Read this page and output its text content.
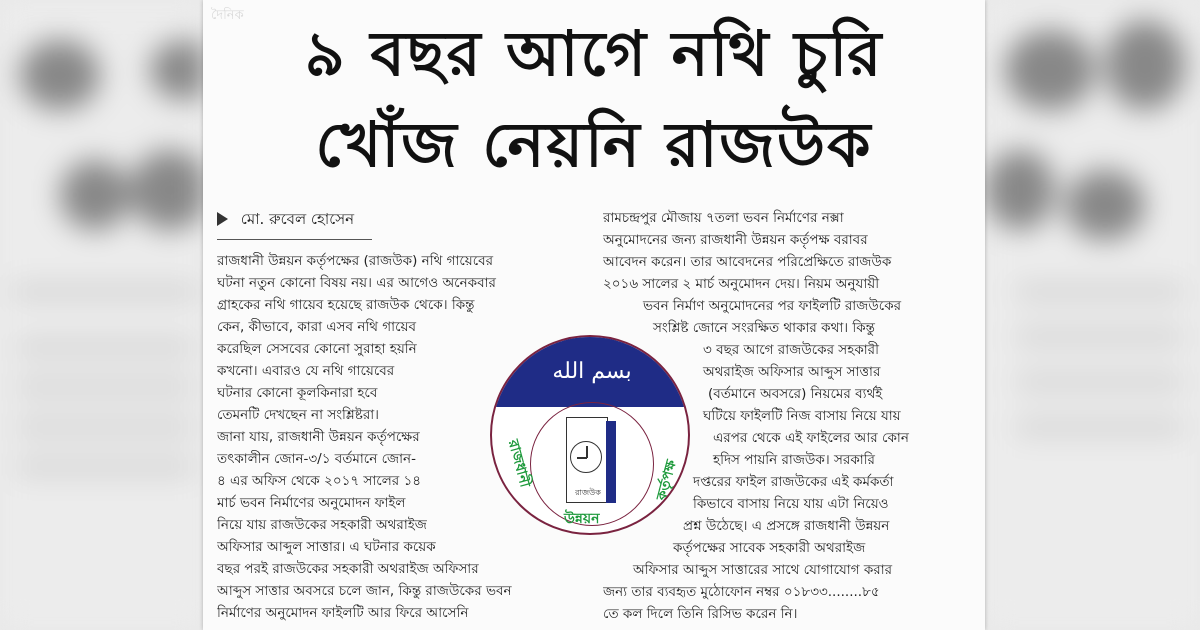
দৈনিক
৯ বছর আগে নথি চুরি
খোঁজ নেয়নি রাজউক
মো. রুবেল হোসেন
রাজধানী উন্নয়ন কর্তৃপক্ষের (রাজউক) নথি গায়েবের
ঘটনা নতুন কোনো বিষয় নয়। এর আগেও অনেকবার
গ্রাহকের নথি গায়েব হয়েছে রাজউক থেকে। কিন্তু
কেন, কীভাবে, কারা এসব নথি গায়েব
করেছিল সেসবের কোনো সুরাহা হয়নি
কখনো। এবারও যে নথি গায়েবের
ঘটনার কোনো কূলকিনারা হবে
তেমনটি দেখছেন না সংশ্লিষ্টরা।
জানা যায়, রাজধানী উন্নয়ন কর্তৃপক্ষের
তৎকালীন জোন-৩/১ বর্তমানে জোন-
৪ এর অফিস থেকে ২০১৭ সালের ১৪
মার্চ ভবন নির্মাণের অনুমোদন ফাইল
নিয়ে যায় রাজউকের সহকারী অথরাইজ
অফিসার আব্দুল সাত্তার। এ ঘটনার কয়েক
বছর পরই রাজউকের সহকারী অথরাইজ অফিসার
আব্দুস সাত্তার অবসরে চলে জান, কিন্তু রাজউকের ভবন
নির্মাণের অনুমোদন ফাইলটি আর ফিরে আসেনি
রামচন্দ্রপুর মৌজায় ৭তলা ভবন নির্মাণের নক্সা
অনুমোদনের জন্য রাজধানী উন্নয়ন কর্তৃপক্ষ বরাবর
আবেদন করেন। তার আবেদনের পরিপ্রেক্ষিতে রাজউক
২০১৬ সালের ২ মার্চ অনুমোদন দেয়। নিয়ম অনুযায়ী
ভবন নির্মাণ অনুমোদনের পর ফাইলটি রাজউকের
সংশ্লিষ্ট জোনে সংরক্ষিত থাকার কথা। কিন্তু
৩ বছর আগে রাজউকের সহকারী
অথরাইজ অফিসার আব্দুস সাত্তার
(বর্তমানে অবসরে) নিয়মের ব্যর্থই
ঘটিয়ে ফাইলটি নিজ বাসায় নিয়ে যায়
এরপর থেকে এই ফাইলের আর কোন
হদিস পায়নি রাজউক। সরকারি
দপ্তরের ফাইল রাজউকের এই কর্মকর্তা
কিভাবে বাসায় নিয়ে যায় এটা নিয়েও
প্রশ্ন উঠেছে। এ প্রসঙ্গে রাজধানী উন্নয়ন
কর্তৃপক্ষের সাবেক সহকারী অথরাইজ
অফিসার আব্দুস সাত্তারের সাথে যোগাযোগ করার
জন্য তার ব্যবহৃত মুঠোফোন নম্বর ০১৮৩৩........৮৫
তে কল দিলে তিনি রিসিভ করেন নি।
بسم الله
রাজউক
রাজধানী
উন্নয়ন
কর্তৃপক্ষ
